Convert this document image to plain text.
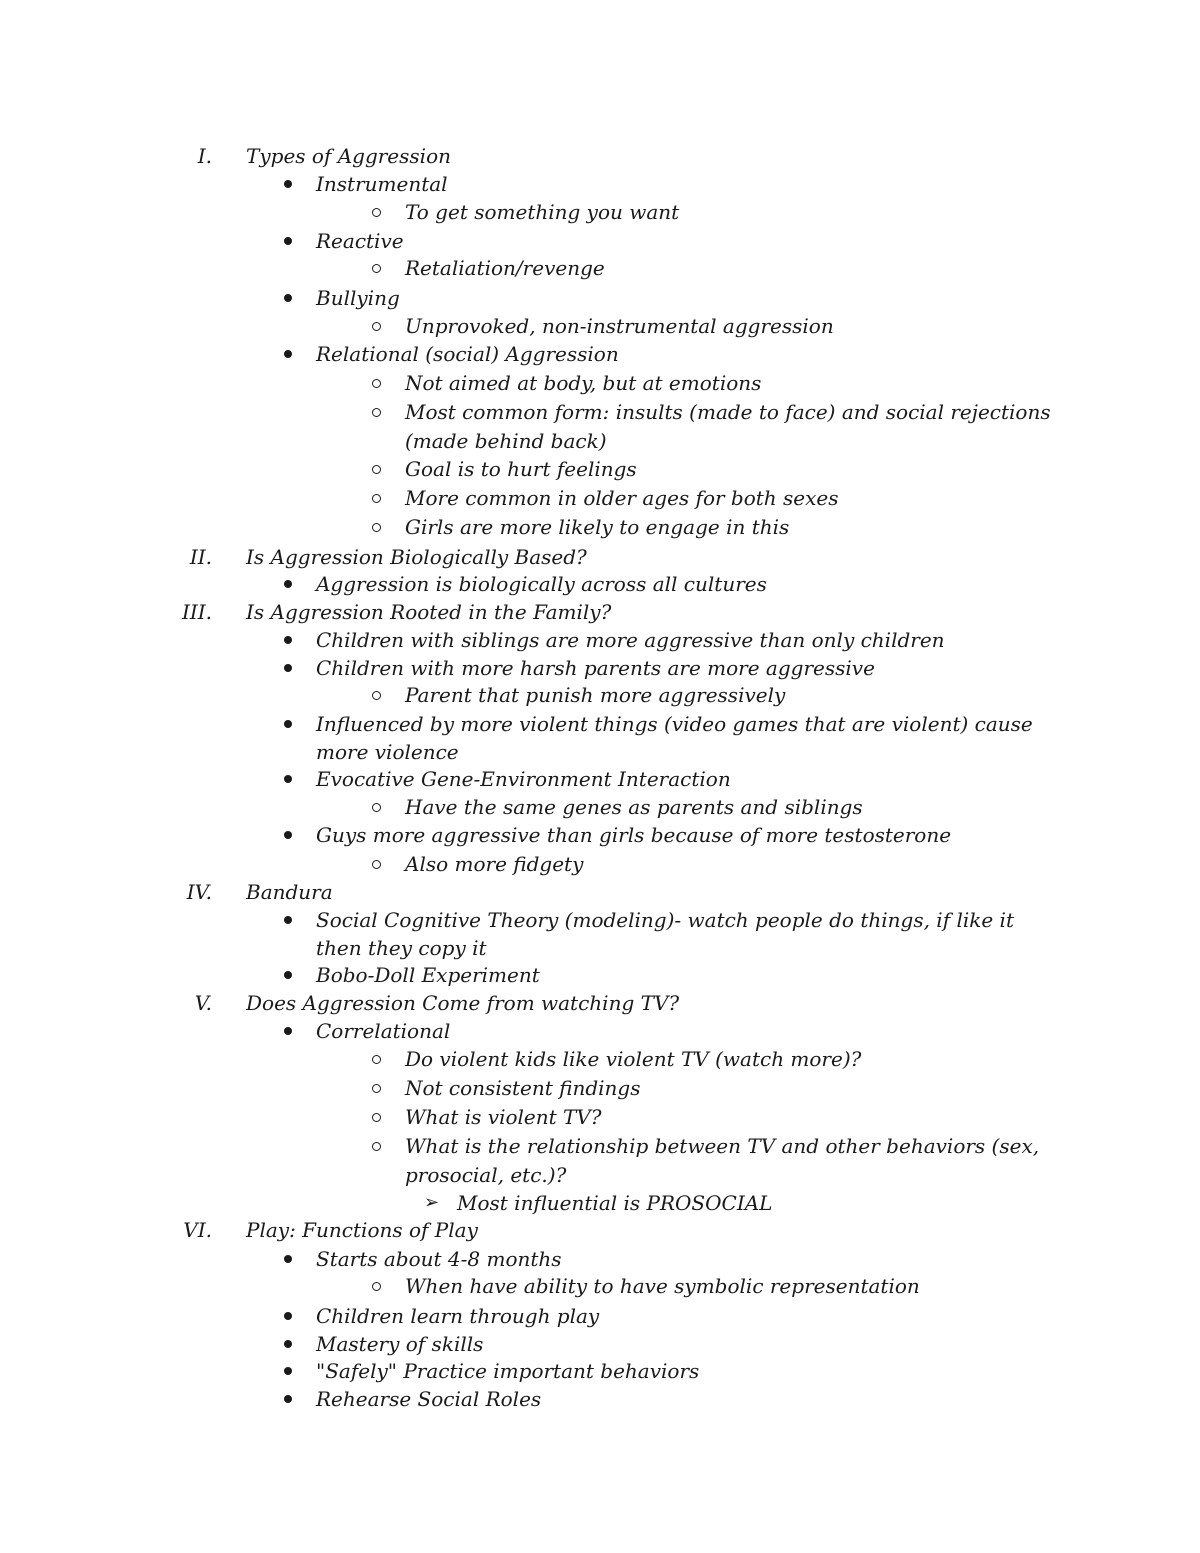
I. Types of Aggression
Instrumental
To get something you want
Reactive
Retaliation/revenge
Bullying
Unprovoked, non-instrumental aggression
Relational (social) Aggression
Not aimed at body, but at emotions
Most common form: insults (made to face) and social rejections
(made behind back)
Goal is to hurt feelings
More common in older ages for both sexes
Girls are more likely to engage in this
II. Is Aggression Biologically Based?
Aggression is biologically across all cultures
III. Is Aggression Rooted in the Family?
Children with siblings are more aggressive than only children
Children with more harsh parents are more aggressive
Parent that punish more aggressively
Influenced by more violent things (video games that are violent) cause
more violence
Evocative Gene-Environment Interaction
Have the same genes as parents and siblings
Guys more aggressive than girls because of more testosterone
Also more fidgety
IV. Bandura
Social Cognitive Theory (modeling)- watch people do things, if like it
then they copy it
Bobo-Doll Experiment
V. Does Aggression Come from watching TV?
Correlational
Do violent kids like violent TV (watch more)?
Not consistent findings
What is violent TV?
What is the relationship between TV and other behaviors (sex,
prosocial, etc.)?
➢ Most influential is PROSOCIAL
VI. Play: Functions of Play
Starts about 4-8 months
When have ability to have symbolic representation
Children learn through play
Mastery of skills
"Safely" Practice important behaviors
Rehearse Social Roles
